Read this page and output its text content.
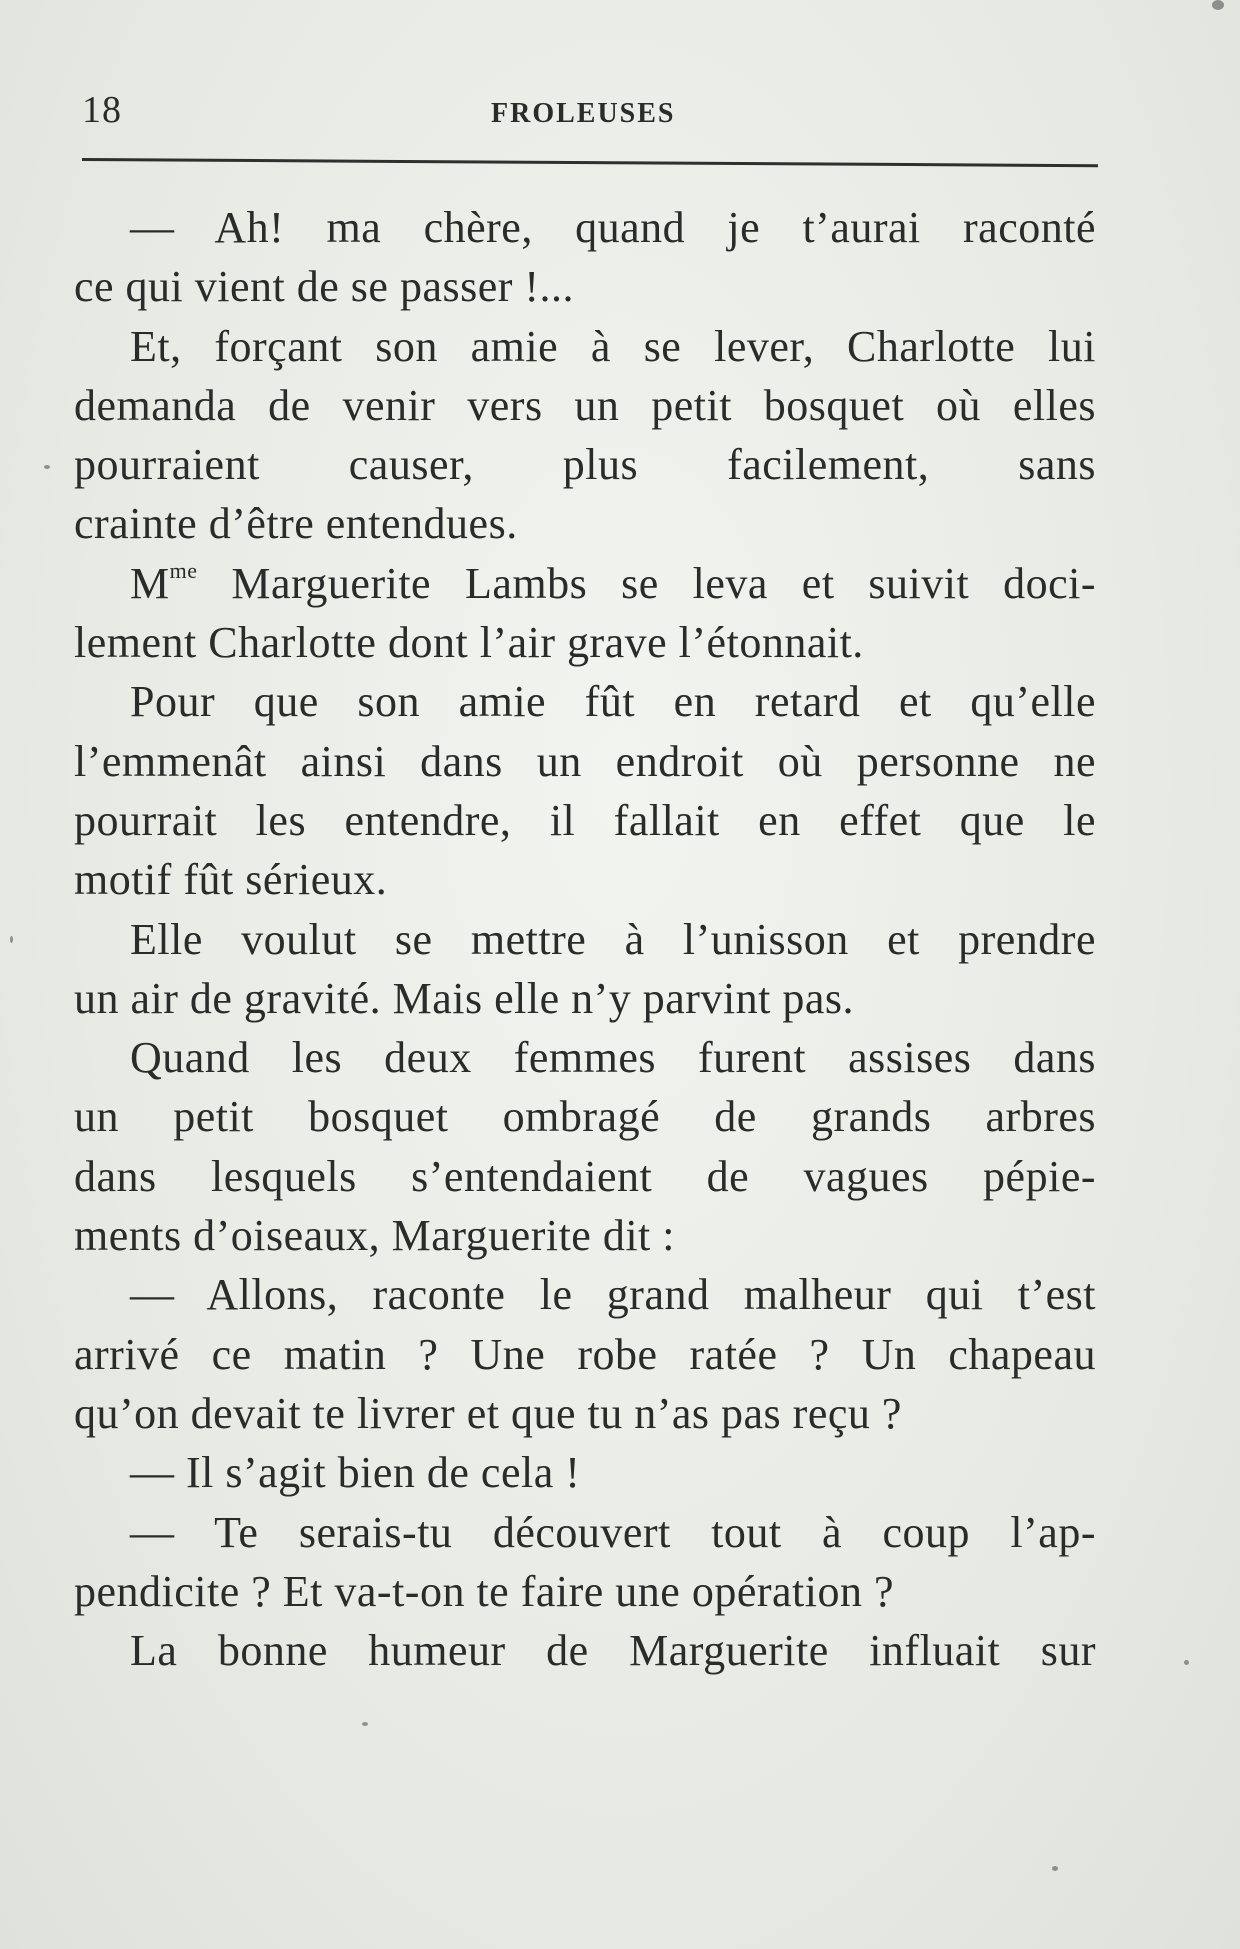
18	FROLEUSES
— Ah! ma chère, quand je t’aurai raconté
ce qui vient de se passer !...
Et, forçant son amie à se lever, Charlotte lui
demanda de venir vers un petit bosquet où elles
pourraient causer, plus facilement, sans
crainte d’être entendues.
$M^{me}$ Marguerite Lambs se leva et suivit doci-
lement Charlotte dont l’air grave l’étonnait.
Pour que son amie fût en retard et qu’elle
l’emmenât ainsi dans un endroit où personne ne
pourrait les entendre, il fallait en effet que le
motif fût sérieux.
Elle voulut se mettre à l’unisson et prendre
un air de gravité. Mais elle n’y parvint pas.
Quand les deux femmes furent assises dans
un petit bosquet ombragé de grands arbres
dans lesquels s’entendaient de vagues pépie-
ments d’oiseaux, Marguerite dit :
— Allons, raconte le grand malheur qui t’est
arrivé ce matin ? Une robe ratée ? Un chapeau
qu’on devait te livrer et que tu n’as pas reçu ?
— Il s’agit bien de cela !
— Te serais-tu découvert tout à coup l’ap-
pendicite ? Et va-t-on te faire une opération ?
La bonne humeur de Marguerite influait sur
